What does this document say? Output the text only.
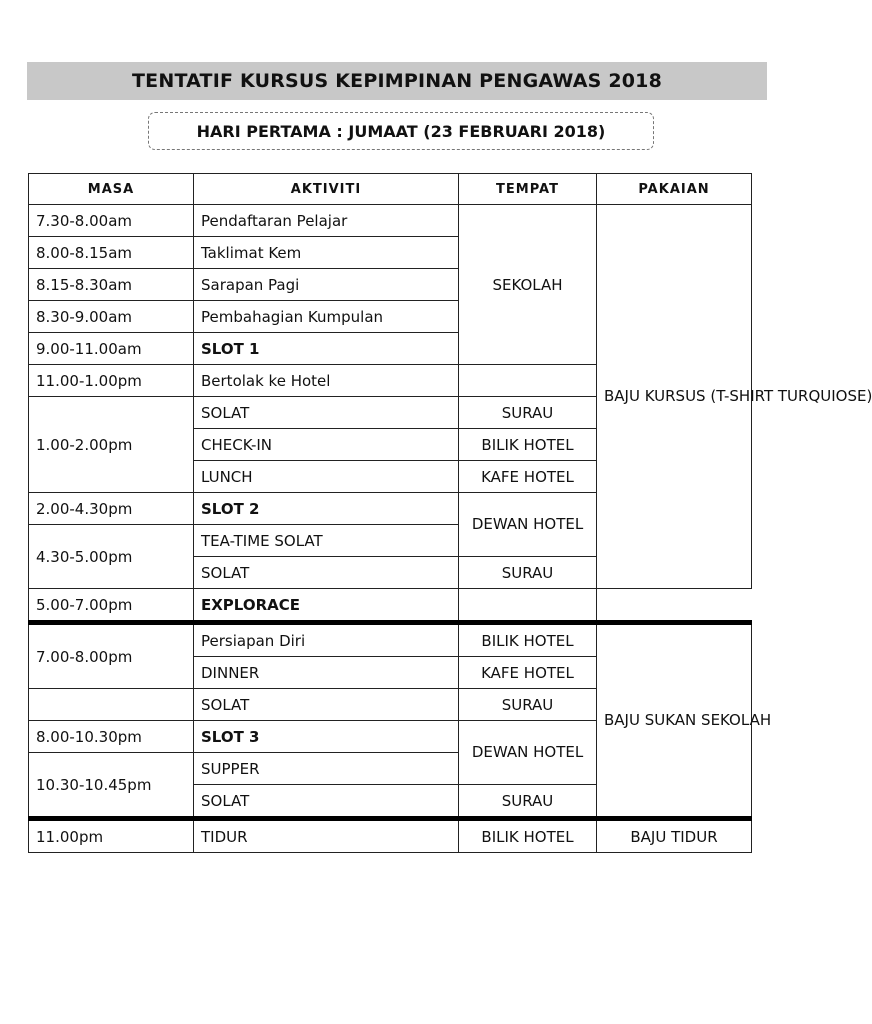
TENTATIF KURSUS KEPIMPINAN PENGAWAS 2018
HARI PERTAMA : JUMAAT (23 FEBRUARI 2018)
MASA	AKTIVITI	TEMPAT	PAKAIAN
7.30-8.00am	Pendaftaran Pelajar	SEKOLAH	BAJU KURSUS (T-SHIRT TURQUIOSE)
8.00-8.15am	Taklimat Kem		
8.15-8.30am	Sarapan Pagi		
8.30-9.00am	Pembahagian Kumpulan		
9.00-11.00am	SLOT 1		
11.00-1.00pm	Bertolak ke Hotel		
1.00-2.00pm	SOLAT	SURAU	
	CHECK-IN	BILIK HOTEL	
	LUNCH	KAFE HOTEL	
2.00-4.30pm	SLOT 2	DEWAN HOTEL	
4.30-5.00pm	TEA-TIME SOLAT		
	SOLAT	SURAU	
5.00-7.00pm	EXPLORACE		
7.00-8.00pm	Persiapan Diri	BILIK HOTEL	BAJU SUKAN SEKOLAH
	DINNER	KAFE HOTEL	
	SOLAT	SURAU	
8.00-10.30pm	SLOT 3	DEWAN HOTEL	
10.30-10.45pm	SUPPER		
	SOLAT	SURAU	
11.00pm	TIDUR	BILIK HOTEL	BAJU TIDUR
